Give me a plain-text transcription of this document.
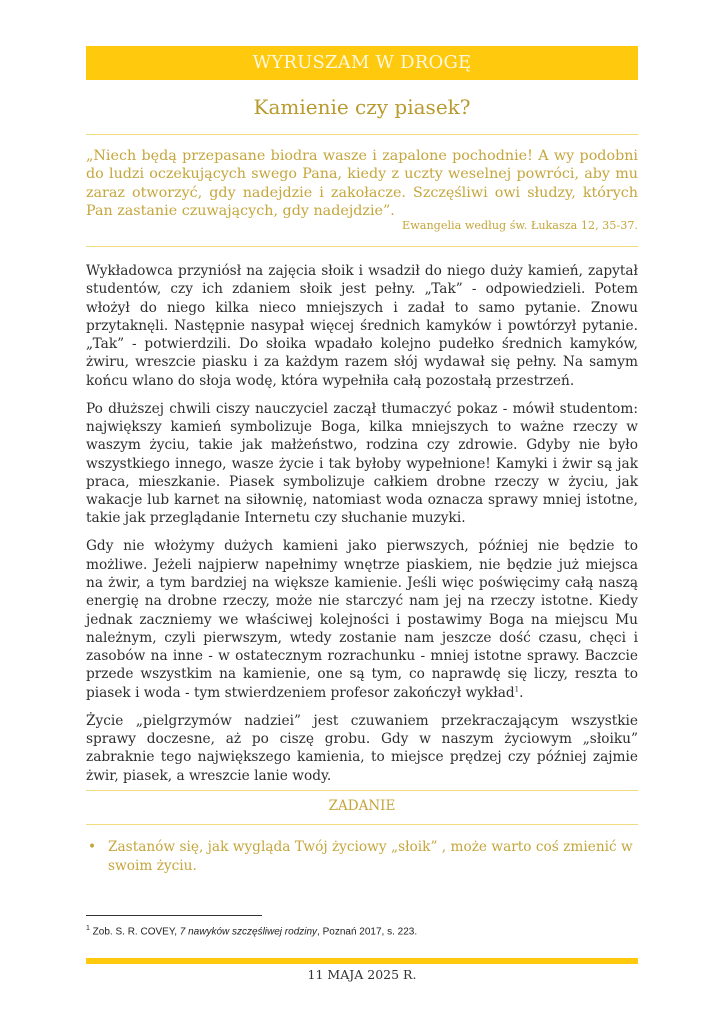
WYRUSZAM W DROGĘ
Kamienie czy piasek?
„Niech będą przepasane biodra wasze i zapalone pochodnie! A wy podobni do ludzi oczekujących swego Pana, kiedy z uczty weselnej powróci, aby mu zaraz otworzyć, gdy nadejdzie i zakołacze. Szczęśliwi owi słudzy, których Pan zastanie czuwających, gdy nadejdzie”.
Ewangelia według św. Łukasza 12, 35-37.

Wykładowca przyniósł na zajęcia słoik i wsadził do niego duży kamień, zapytał studentów, czy ich zdaniem słoik jest pełny. „Tak” - odpowiedzieli. Potem włożył do niego kilka nieco mniejszych i zadał to samo pytanie. Znowu przytaknęli. Następnie nasypał więcej średnich kamyków i powtórzył pytanie. „Tak” - potwierdzili. Do słoika wpadało kolejno pudełko średnich kamyków, żwiru, wreszcie piasku i za każdym razem słój wydawał się pełny. Na samym końcu wlano do słoja wodę, która wypełniła całą pozostałą przestrzeń.

Po dłuższej chwili ciszy nauczyciel zaczął tłumaczyć pokaz - mówił studentom: największy kamień symbolizuje Boga, kilka mniejszych to ważne rzeczy w waszym życiu, takie jak małżeństwo, rodzina czy zdrowie. Gdyby nie było wszystkiego innego, wasze życie i tak byłoby wypełnione! Kamyki i żwir są jak praca, mieszkanie. Piasek symbolizuje całkiem drobne rzeczy w życiu, jak wakacje lub karnet na siłownię, natomiast woda oznacza sprawy mniej istotne, takie jak przeglądanie Internetu czy słuchanie muzyki.

Gdy nie włożymy dużych kamieni jako pierwszych, później nie będzie to możliwe. Jeżeli najpierw napełnimy wnętrze piaskiem, nie będzie już miejsca na żwir, a tym bardziej na większe kamienie. Jeśli więc poświęcimy całą naszą energię na drobne rzeczy, może nie starczyć nam jej na rzeczy istotne. Kiedy jednak zaczniemy we właściwej kolejności i postawimy Boga na miejscu Mu należnym, czyli pierwszym, wtedy zostanie nam jeszcze dość czasu, chęci i zasobów na inne - w ostatecznym rozrachunku - mniej istotne sprawy. Baczcie przede wszystkim na kamienie, one są tym, co naprawdę się liczy, reszta to piasek i woda - tym stwierdzeniem profesor zakończył wykład$^1$.

Życie „pielgrzymów nadziei” jest czuwaniem przekraczającym wszystkie sprawy doczesne, aż po ciszę grobu. Gdy w naszym życiowym „słoiku” zabraknie tego największego kamienia, to miejsce prędzej czy później zajmie żwir, piasek, a wreszcie lanie wody.

ZADANIE
• Zastanów się, jak wygląda Twój życiowy „słoik” , może warto coś zmienić w swoim życiu.
$^1$ Zob. S. R. COVEY, 7 nawyków szczęśliwej rodziny, Poznań 2017, s. 223.
11 MAJA 2025 R.
